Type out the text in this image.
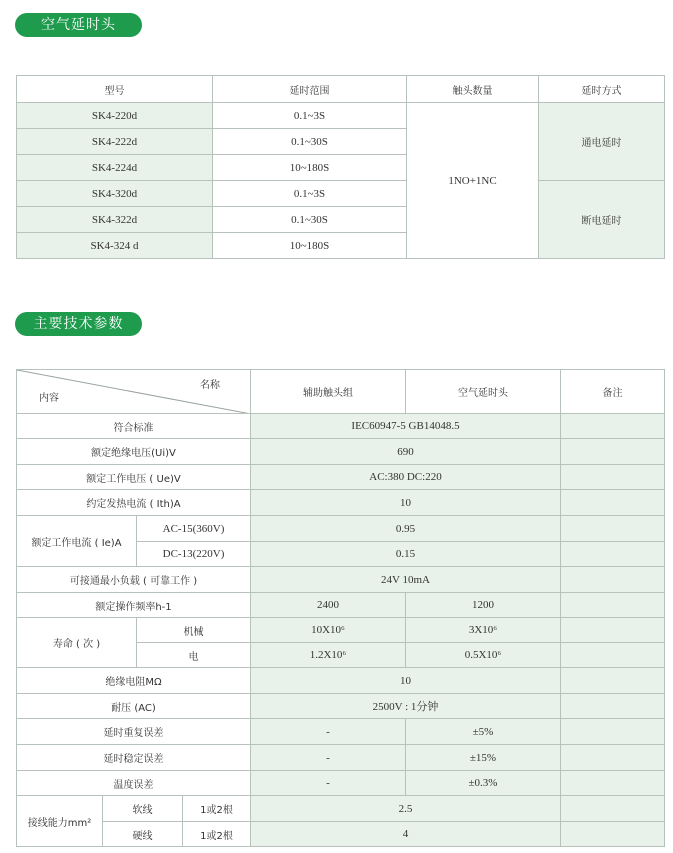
空气延时头
型号	延时范围	触头数量	延时方式
SK4-220d	0.1~3S	1NO+1NC	通电延时
SK4-222d	0.1~30S		
SK4-224d	10~180S		
SK4-320d	0.1~3S		断电延时
SK4-322d	0.1~30S		
SK4-324 d	10~180S		
主要技术参数
名称
内容				辅助触头组	空气延时头	备注
符合标准				IEC60947-5 GB14048.5		
额定绝缘电压(Ui)V				690		
额定工作电压 ( Ue)V				AC:380 DC:220		
约定发热电流 ( Ith)A				10		
额定工作电流 ( Ie)A		AC-15(360V)		0.95		
		DC-13(220V)		0.15		
可接通最小负载 ( 可靠工作 )				24V 10mA		
额定操作频率h-1				2400	1200	
寿命 ( 次 )		机械		10X10⁶	3X10⁶	
		电		1.2X10⁶	0.5X10⁶	
绝缘电阻MΩ				10		
耐压 (AC)				2500V : 1分钟		
延时重复误差				-	±5%	
延时稳定误差				-	±15%	
温度误差				-	±0.3%	
接线能力mm²	软线		1或2根	2.5		
	硬线		1或2根	4		
